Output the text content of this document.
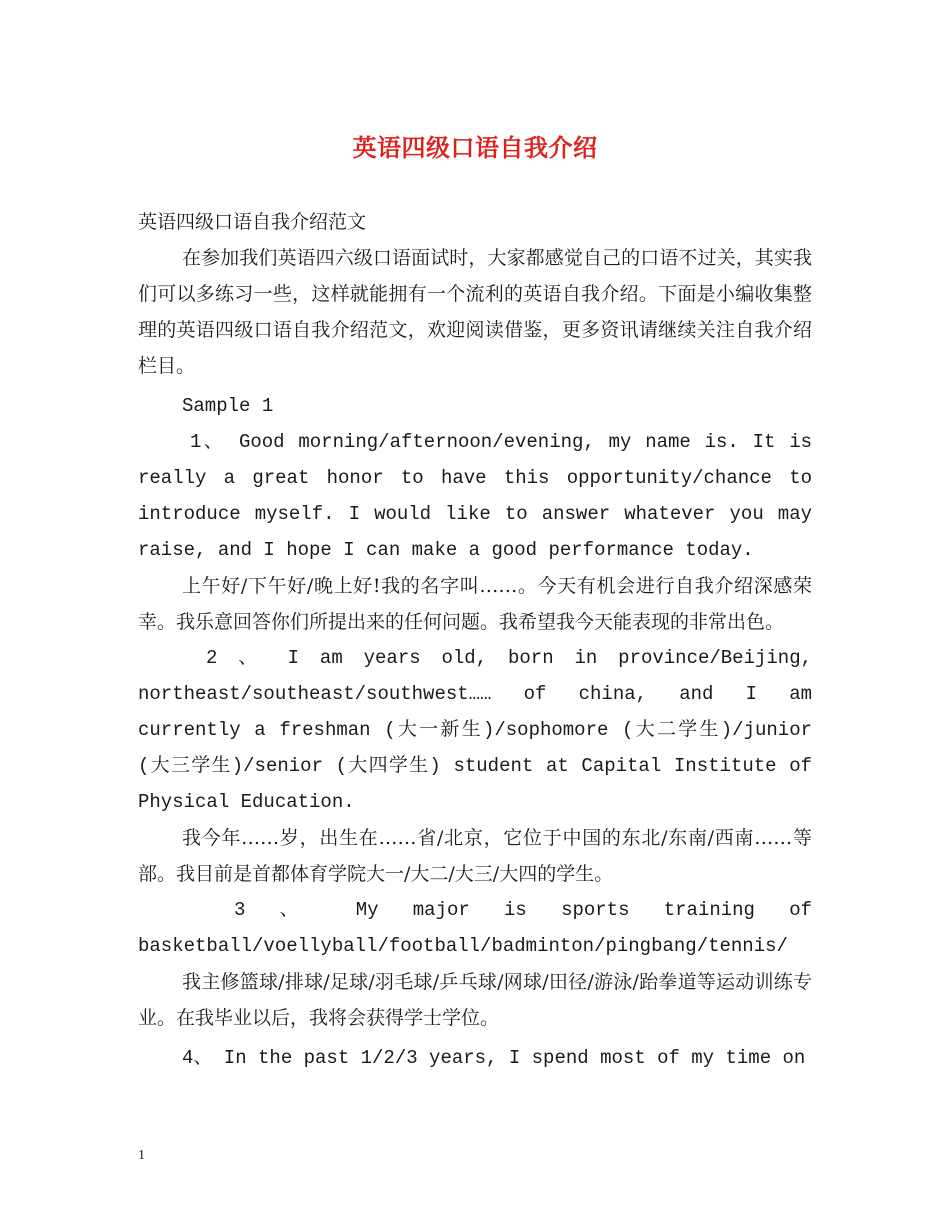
英语四级口语自我介绍

英语四级口语自我介绍范文

在参加我们英语四六级口语面试时，大家都感觉自己的口语不过关，其实我们可以多练习一些，这样就能拥有一个流利的英语自我介绍。下面是小编收集整理的英语四级口语自我介绍范文，欢迎阅读借鉴，更多资讯请继续关注自我介绍栏目。

Sample 1

1、 Good morning/afternoon/evening, my name is. It is really a great honor to have this opportunity/chance to introduce myself. I would like to answer whatever you may raise, and I hope I can make a good performance today.

上午好/下午好/晚上好!我的名字叫……。今天有机会进行自我介绍深感荣幸。我乐意回答你们所提出来的任何问题。我希望我今天能表现的非常出色。

2 、 I am years old, born in province/Beijing, northeast/southeast/southwest…… of china, and I am currently a freshman (大一新生)/sophomore (大二学生)/junior (大三学生)/senior (大四学生) student at Capital Institute of Physical Education.

我今年……岁，出生在……省/北京，它位于中国的东北/东南/西南……等部。我目前是首都体育学院大一/大二/大三/大四的学生。

3 、 My major is sports training of basketball/voellyball/football/badminton/pingbang/tennis/

我主修篮球/排球/足球/羽毛球/乒乓球/网球/田径/游泳/跆拳道等运动训练专业。在我毕业以后，我将会获得学士学位。

4、 In the past 1/2/3 years, I spend most of my time on

1
